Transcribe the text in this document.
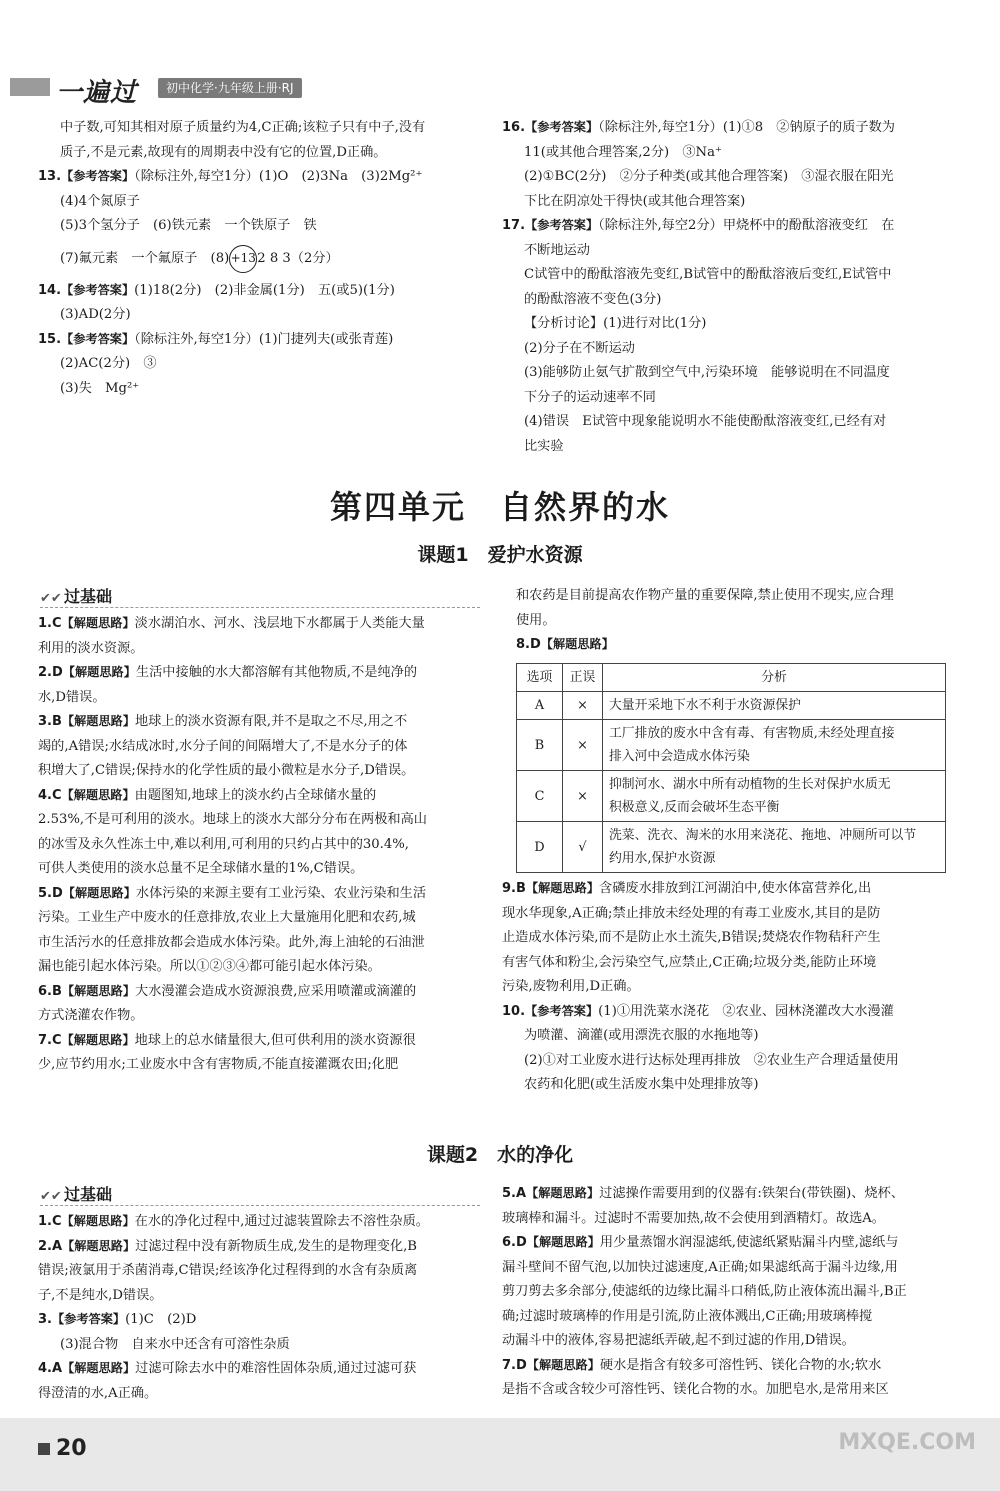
一遍过	初中化学·九年级上册·RJ
中子数,可知其相对原子质量约为4,C正确;该粒子只有中子,没有
质子,不是元素,故现有的周期表中没有它的位置,D正确。
13.【参考答案】（除标注外,每空1分）(1)O　(2)3Na　(3)2Mg²⁺
(4)4个氮原子
(5)3个氢分子　(6)铁元素　一个铁原子　铁
(7)氟元素　一个氟原子　(8)+132 8 3（2分）
14.【参考答案】(1)18(2分)　(2)非金属(1分)　五(或5)(1分)
(3)AD(2分)
15.【参考答案】（除标注外,每空1分）(1)门捷列夫(或张青莲)
(2)AC(2分)　③
(3)失　Mg²⁺
16.【参考答案】（除标注外,每空1分）(1)①8　②钠原子的质子数为
11(或其他合理答案,2分)　③Na⁺
(2)①BC(2分)　②分子种类(或其他合理答案)　③湿衣服在阳光
下比在阴凉处干得快(或其他合理答案)
17.【参考答案】（除标注外,每空2分）甲烧杯中的酚酞溶液变红　在
不断地运动
C试管中的酚酞溶液先变红,B试管中的酚酞溶液后变红,E试管中
的酚酞溶液不变色(3分)
【分析讨论】(1)进行对比(1分)
(2)分子在不断运动
(3)能够防止氨气扩散到空气中,污染环境　能够说明在不同温度
下分子的运动速率不同
(4)错误　E试管中现象能说明水不能使酚酞溶液变红,已经有对
比实验
第四单元　自然界的水
课题1　爱护水资源
✔✔ 过基础
1.C【解题思路】淡水湖泊水、河水、浅层地下水都属于人类能大量
利用的淡水资源。
2.D【解题思路】生活中接触的水大都溶解有其他物质,不是纯净的
水,D错误。
3.B【解题思路】地球上的淡水资源有限,并不是取之不尽,用之不
竭的,A错误;水结成冰时,水分子间的间隔增大了,不是水分子的体
积增大了,C错误;保持水的化学性质的最小微粒是水分子,D错误。
4.C【解题思路】由题图知,地球上的淡水约占全球储水量的
2.53%,不是可利用的淡水。地球上的淡水大部分分布在两极和高山
的冰雪及永久性冻土中,难以利用,可利用的只约占其中的30.4%,
可供人类使用的淡水总量不足全球储水量的1%,C错误。
5.D【解题思路】水体污染的来源主要有工业污染、农业污染和生活
污染。工业生产中废水的任意排放,农业上大量施用化肥和农药,城
市生活污水的任意排放都会造成水体污染。此外,海上油轮的石油泄
漏也能引起水体污染。所以①②③④都可能引起水体污染。
6.B【解题思路】大水漫灌会造成水资源浪费,应采用喷灌或滴灌的
方式浇灌农作物。
7.C【解题思路】地球上的总水储量很大,但可供利用的淡水资源很
少,应节约用水;工业废水中含有害物质,不能直接灌溉农田;化肥
和农药是目前提高农作物产量的重要保障,禁止使用不现实,应合理
使用。
8.D【解题思路】
选项	正误	分析
A	×	大量开采地下水不利于水资源保护

B	×	工厂排放的废水中含有毒、有害物质,未经处理直接
排入河中会造成水体污染

C	×	抑制河水、湖水中所有动植物的生长对保护水质无
积极意义,反而会破坏生态平衡

D	√	洗菜、洗衣、淘米的水用来浇花、拖地、冲厕所可以节
约用水,保护水资源
9.B【解题思路】含磷废水排放到江河湖泊中,使水体富营养化,出
现水华现象,A正确;禁止排放未经处理的有毒工业废水,其目的是防
止造成水体污染,而不是防止水土流失,B错误;焚烧农作物秸秆产生
有害气体和粉尘,会污染空气,应禁止,C正确;垃圾分类,能防止环境
污染,废物利用,D正确。
10.【参考答案】(1)①用洗菜水浇花　②农业、园林浇灌改大水漫灌
为喷灌、滴灌(或用漂洗衣服的水拖地等)
(2)①对工业废水进行达标处理再排放　②农业生产合理适量使用
农药和化肥(或生活废水集中处理排放等)
课题2　水的净化
✔✔ 过基础
1.C【解题思路】在水的净化过程中,通过过滤装置除去不溶性杂质。
2.A【解题思路】过滤过程中没有新物质生成,发生的是物理变化,B
错误;液氯用于杀菌消毒,C错误;经该净化过程得到的水含有杂质离
子,不是纯水,D错误。
3.【参考答案】(1)C　(2)D
(3)混合物　自来水中还含有可溶性杂质
4.A【解题思路】过滤可除去水中的难溶性固体杂质,通过过滤可获
得澄清的水,A正确。
5.A【解题思路】过滤操作需要用到的仪器有:铁架台(带铁圈)、烧杯、
玻璃棒和漏斗。过滤时不需要加热,故不会使用到酒精灯。故选A。
6.D【解题思路】用少量蒸馏水润湿滤纸,使滤纸紧贴漏斗内壁,滤纸与
漏斗壁间不留气泡,以加快过滤速度,A正确;如果滤纸高于漏斗边缘,用
剪刀剪去多余部分,使滤纸的边缘比漏斗口稍低,防止液体流出漏斗,B正
确;过滤时玻璃棒的作用是引流,防止液体溅出,C正确;用玻璃棒搅
动漏斗中的液体,容易把滤纸弄破,起不到过滤的作用,D错误。
7.D【解题思路】硬水是指含有较多可溶性钙、镁化合物的水;软水
是指不含或含较少可溶性钙、镁化合物的水。加肥皂水,是常用来区
20	MXQE.COM
